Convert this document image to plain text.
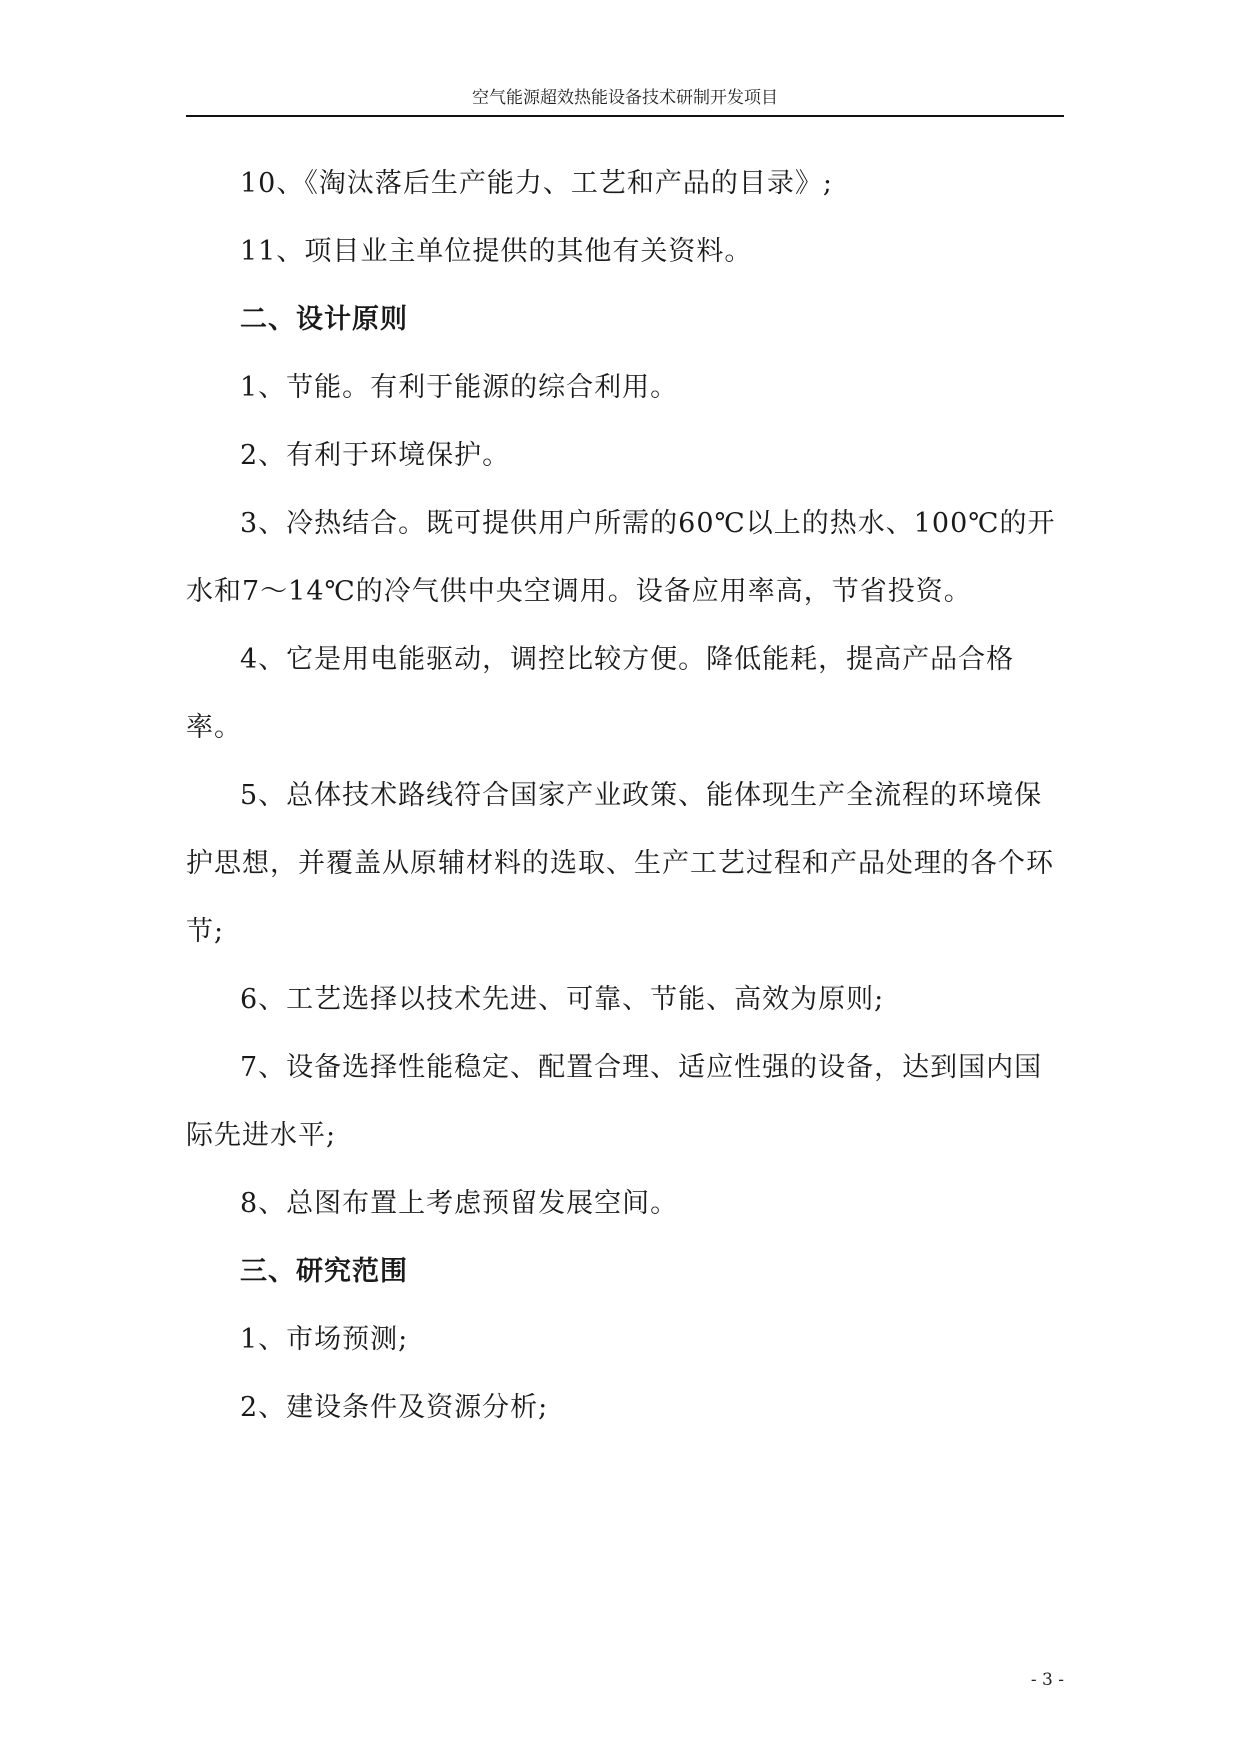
空气能源超效热能设备技术研制开发项目

10、《淘汰落后生产能力、工艺和产品的目录》;

11、项目业主单位提供的其他有关资料。

二、设计原则

1、节能。有利于能源的综合利用。

2、有利于环境保护。

3、冷热结合。既可提供用户所需的60℃以上的热水、100℃的开水和7～14℃的冷气供中央空调用。设备应用率高，节省投资。

4、它是用电能驱动，调控比较方便。降低能耗，提高产品合格率。

5、总体技术路线符合国家产业政策、能体现生产全流程的环境保护思想，并覆盖从原辅材料的选取、生产工艺过程和产品处理的各个环节;

6、工艺选择以技术先进、可靠、节能、高效为原则;

7、设备选择性能稳定、配置合理、适应性强的设备，达到国内国际先进水平;

8、总图布置上考虑预留发展空间。

三、研究范围

1、市场预测;

2、建设条件及资源分析;

- 3 -
